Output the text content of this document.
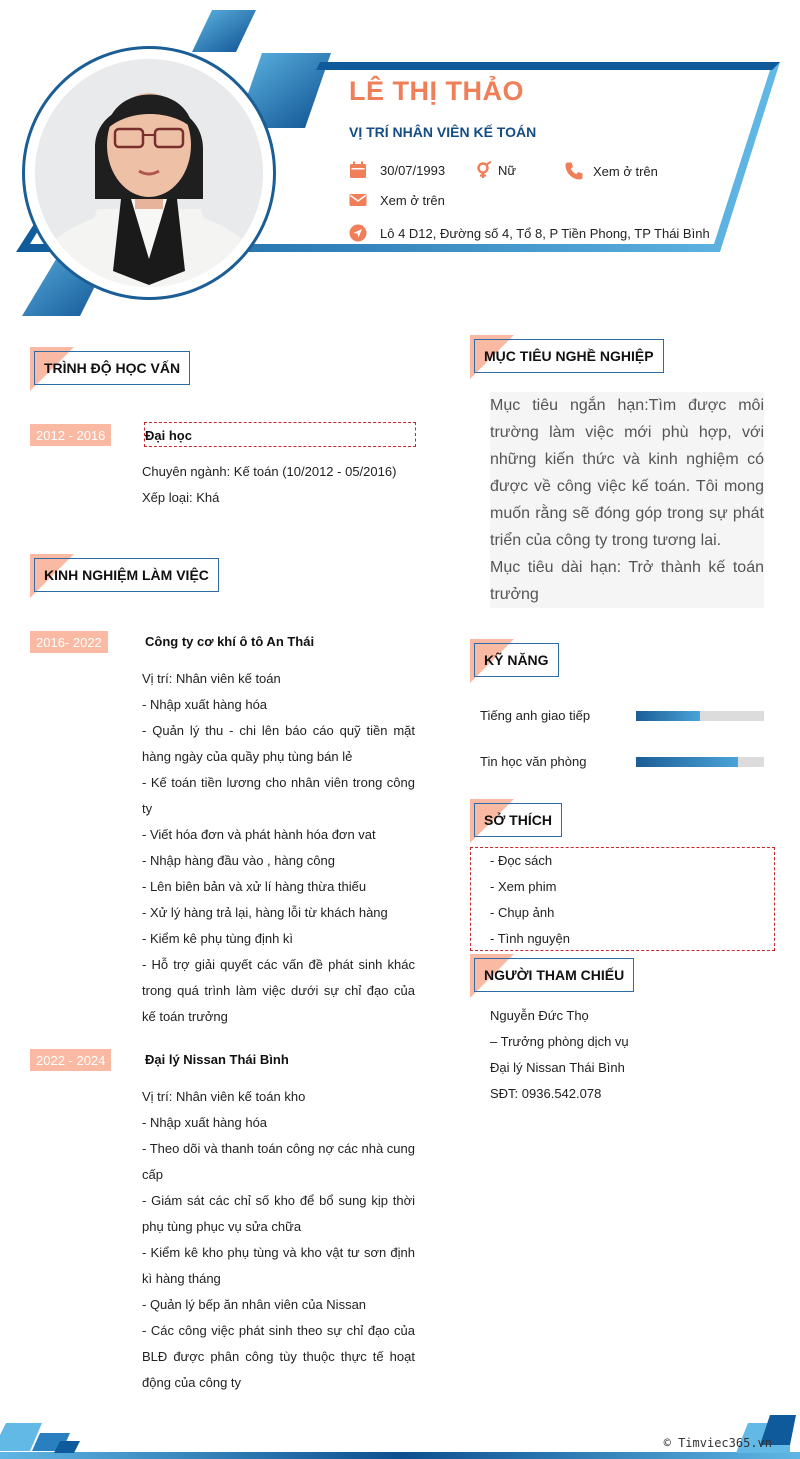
LÊ THỊ THẢO
VỊ TRÍ NHÂN VIÊN KẾ TOÁN
30/07/1993	Nữ	Xem ở trên
Xem ở trên
Lô 4 D12, Đường số 4, Tổ 8, P Tiền Phong, TP Thái Bình
TRÌNH ĐỘ HỌC VẤN
2012 - 2016	Đại học

Chuyên ngành: Kế toán (10/2012 - 05/2016)

Xếp loại: Khá

KINH NGHIỆM LÀM VIỆC
2016- 2022	Công ty cơ khí ô tô An Thái

Vị trí: Nhân viên kế toán

- Nhập xuất hàng hóa

- Quản lý thu - chi lên báo cáo quỹ tiền mặt hàng ngày của quầy phụ tùng bán lẻ

- Kế toán tiền lương cho nhân viên trong công ty

- Viết hóa đơn và phát hành hóa đơn vat

- Nhập hàng đầu vào , hàng công

- Lên biên bản và xử lí hàng thừa thiếu

- Xử lý hàng trả lại, hàng lỗi từ khách hàng

- Kiểm kê phụ tùng định kì

- Hỗ trợ giải quyết các vấn đề phát sinh khác trong quá trình làm việc dưới sự chỉ đạo của kế toán trưởng

2022 - 2024	Đại lý Nissan Thái Bình

Vị trí: Nhân viên kế toán kho

- Nhập xuất hàng hóa

- Theo dõi và thanh toán công nợ các nhà cung cấp

- Giám sát các chỉ số kho để bổ sung kịp thời phụ tùng phục vụ sửa chữa

- Kiểm kê kho phụ tùng và kho vật tư sơn định kì hàng tháng

- Quản lý bếp ăn nhân viên của Nissan

- Các công việc phát sinh theo sự chỉ đạo của BLĐ được phân công tùy thuộc thực tế hoạt động của công ty

MỤC TIÊU NGHỀ NGHIỆP

Mục tiêu ngắn hạn:Tìm được môi trường làm việc mới phù hợp, với những kiến thức và kinh nghiệm có được về công việc kế toán. Tôi mong muốn rằng sẽ đóng góp trong sự phát triển của công ty trong tương lai.

Mục tiêu dài hạn: Trở thành kế toán trưởng

KỸ NĂNG
Tiếng anh giao tiếp
Tin học văn phòng
SỞ THÍCH
- Đọc sách
- Xem phim
- Chụp ảnh
- Tình nguyện
NGƯỜI THAM CHIẾU
Nguyễn Đức Thọ
– Trưởng phòng dịch vụ
Đại lý Nissan Thái Bình
SĐT: 0936.542.078
© Timviec365.vn
